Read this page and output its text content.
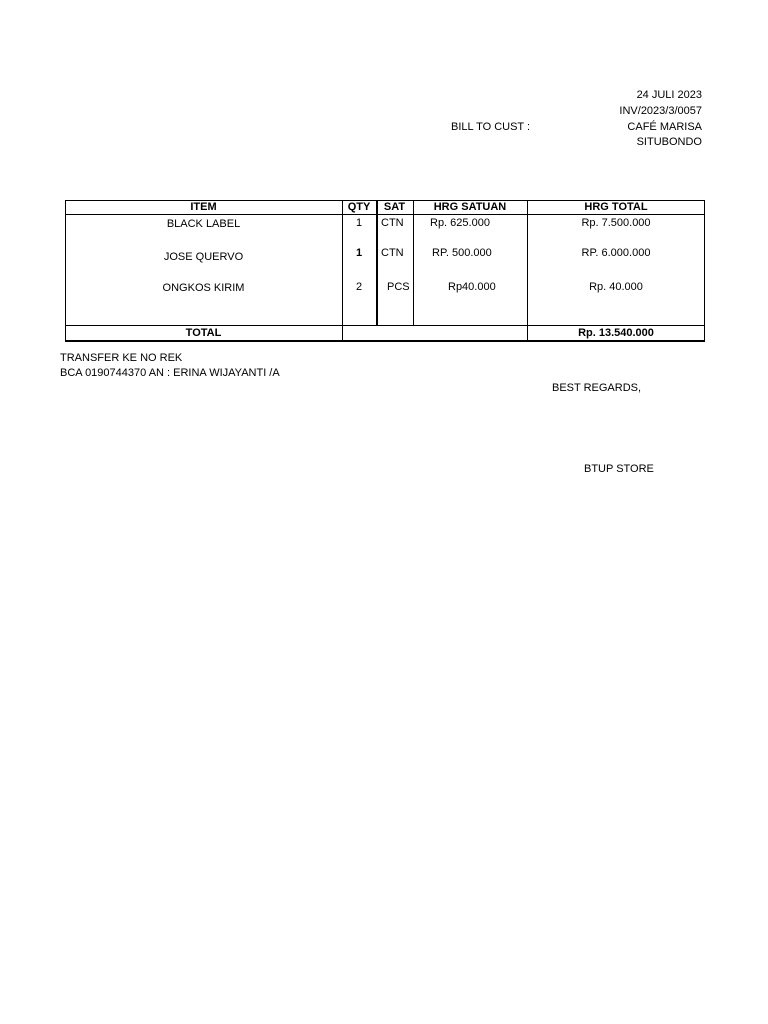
24 JULI 2023
INV/2023/3/0057
BILL TO CUST :	CAFÉ MARISA
SITUBONDO
ITEM	QTY	SAT	HRG SATUAN	HRG TOTAL
BLACK LABEL	1	CTN Rp. 625.000	Rp. 7.500.000
JOSE QUERVO	1	CTN	RP. 500.000	RP. 6.000.000
ONGKOS KIRIM	2	PCS	Rp40.000	Rp. 40.000
TOTAL	Rp. 13.540.000
TRANSFER KE NO REK
BCA 0190744370 AN : ERINA WIJAYANTI /A
BEST REGARDS,
BTUP STORE
